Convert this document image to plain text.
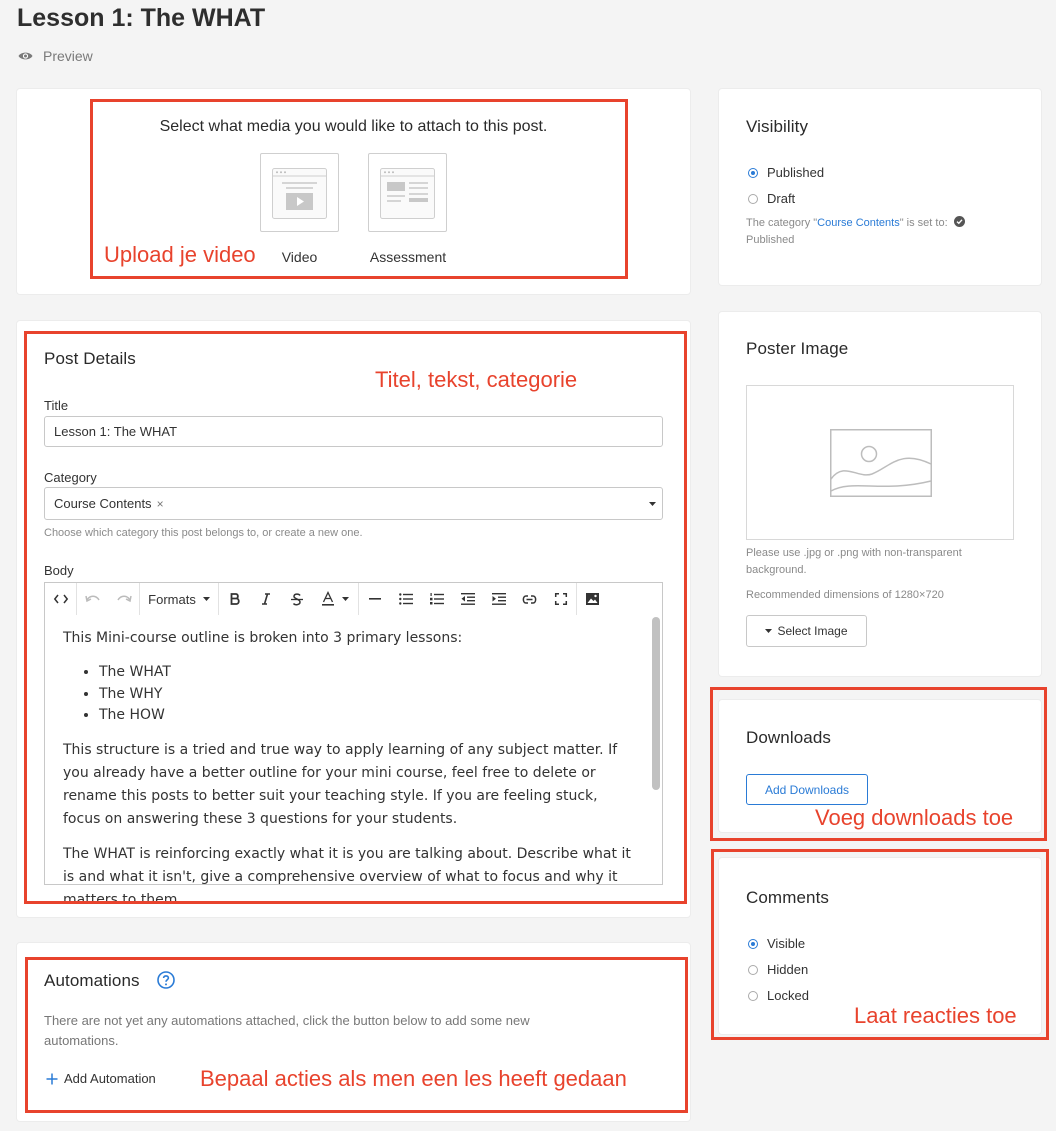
Lesson 1: The WHAT
Preview
Select what media you would like to attach to this post.
Video	Assessment
Post Details
Title
Lesson 1: The WHAT
Category
Course Contents ×
Choose which category this post belongs to, or create a new one.
Body
Formats

This Mini-course outline is broken into 3 primary lessons:

• The WHAT
• The WHY
• The HOW

This structure is a tried and true way to apply learning of any subject matter. If you already have a better outline for your mini course, feel free to delete or rename this posts to better suit your teaching style. If you are feeling stuck, focus on answering these 3 questions for your students.

The WHAT is reinforcing exactly what it is you are talking about. Describe what it is and what it isn't, give a comprehensive overview of what to focus and why it matters to them.

Automations
There are not yet any automations attached, click the button below to add some new automations.
Add Automation
Visibility
Published
Draft
The category "Course Contents" is set to:
Published
Poster Image
Please use .jpg or .png with non-transparent background.
Recommended dimensions of 1280×720
Select Image
Downloads
Add Downloads
Comments
Visible
Hidden
Locked
Upload je video
Titel, tekst, categorie
Bepaal acties als men een les heeft gedaan
Voeg downloads toe
Laat reacties toe
